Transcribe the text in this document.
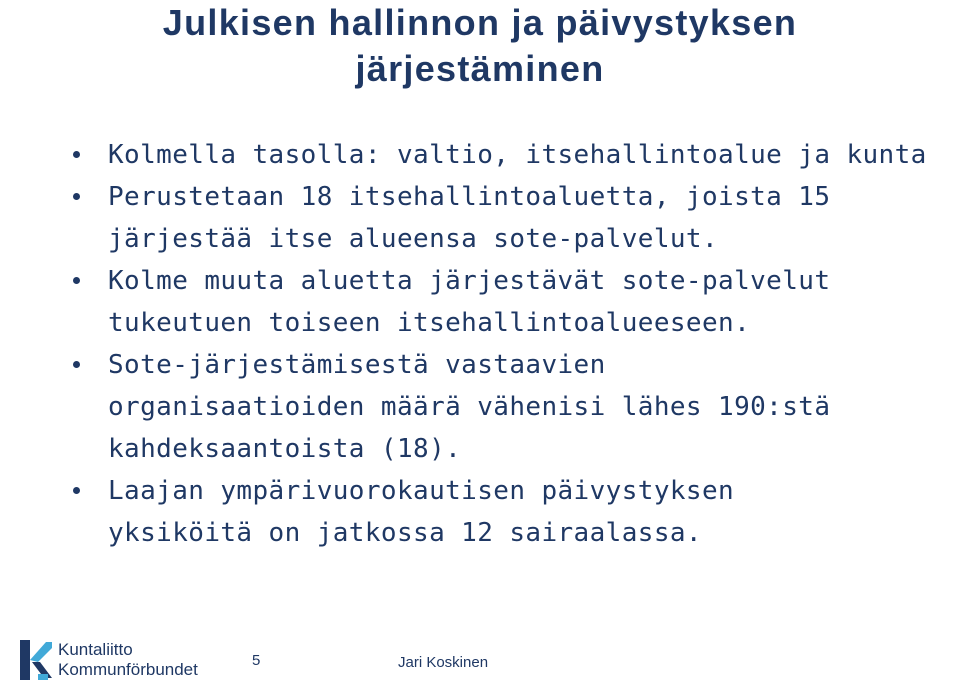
Julkisen hallinnon ja päivystyksen
järjestäminen
Kolmella tasolla: valtio, itsehallintoalue ja kunta
Perustetaan 18 itsehallintoaluetta, joista 15
järjestää itse alueensa sote-palvelut.
Kolme muuta aluetta järjestävät sote-palvelut
tukeutuen toiseen itsehallintoalueeseen.
Sote-järjestämisestä vastaavien
organisaatioiden määrä vähenisi lähes 190:stä
kahdeksaantoista (18).
Laajan ympärivuorokautisen päivystyksen
yksiköitä on jatkossa 12 sairaalassa.
Kuntaliitto
Kommunförbundet	5	Jari Koskinen
